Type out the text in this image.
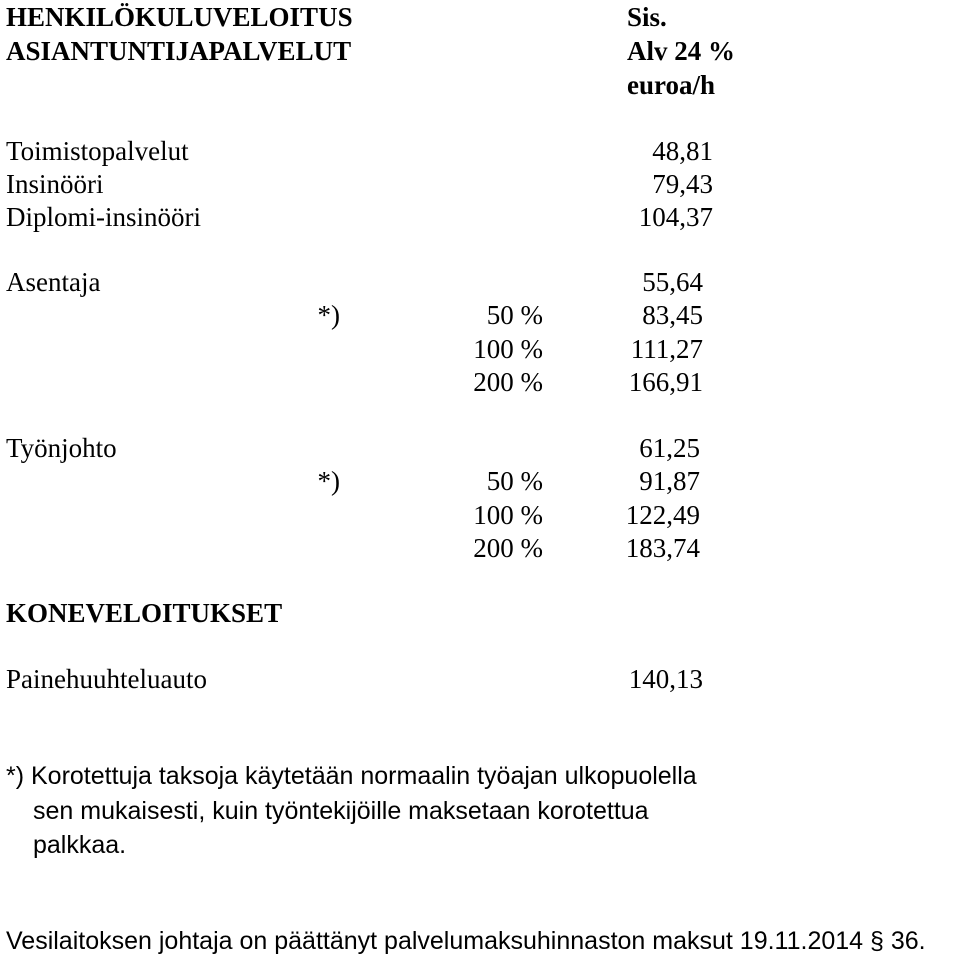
HENKILÖKULUVELOITUS
ASIANTUNTIJAPALVELUT
Sis.
Alv 24 %
euroa/h
Toimistopalvelut	48,81
Insinööri	79,43
Diplomi-insinööri	104,37
Asentaja	55,64
*)	50 %	83,45
100 %	111,27
200 %	166,91
Työnjohto	61,25
*)	50 %	91,87
100 %	122,49
200 %	183,74
KONEVELOITUKSET
Painehuuhteluauto	140,13
*) Korotettuja taksoja käytetään normaalin työajan ulkopuolella
sen mukaisesti, kuin työntekijöille maksetaan korotettua
palkkaa.
Vesilaitoksen johtaja on päättänyt palvelumaksuhinnaston maksut 19.11.2014 § 36.
